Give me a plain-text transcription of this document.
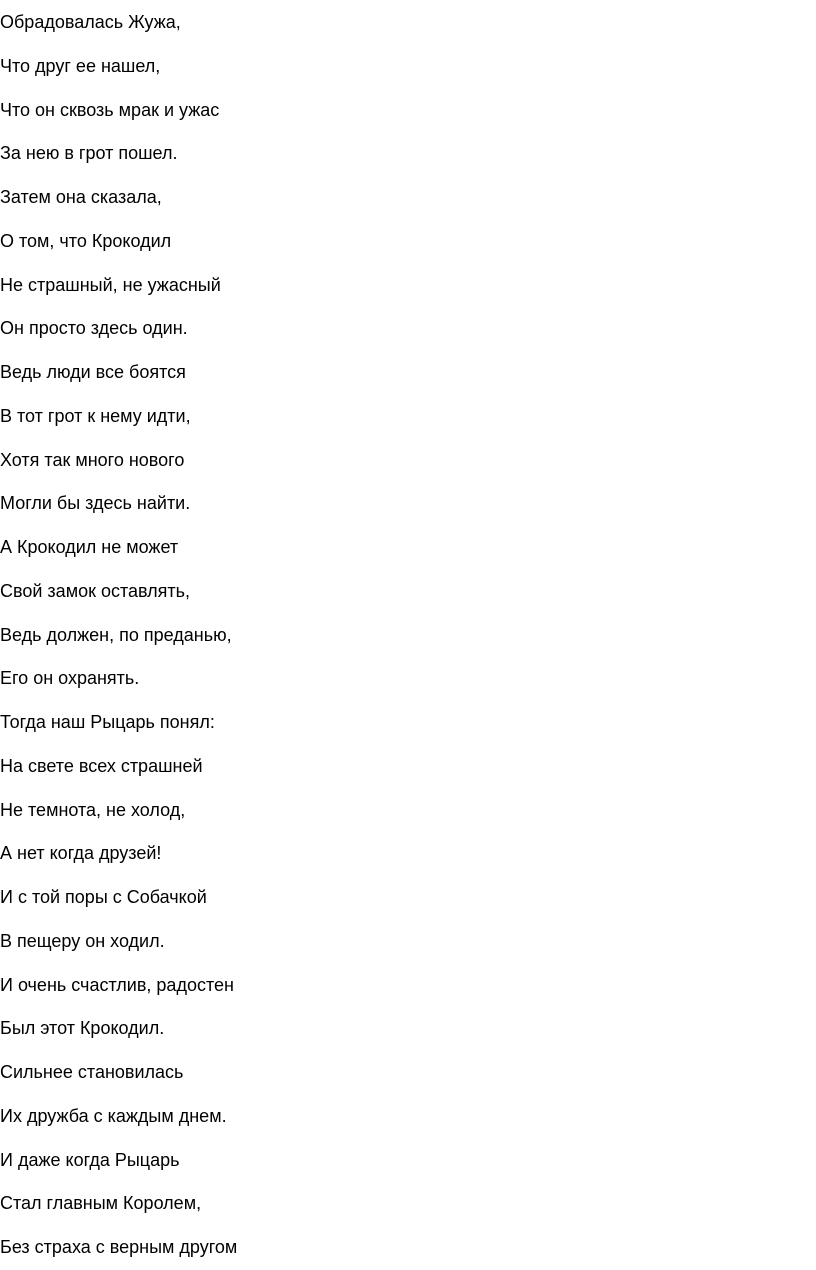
Обрадовалась Жужа,
Что друг ее нашел,
Что он сквозь мрак и ужас
За нею в грот пошел.
Затем она сказала,
О том, что Крокодил
Не страшный, не ужасный
Он просто здесь один.
Ведь люди все боятся
В тот грот к нему идти,
Хотя так много нового
Могли бы здесь найти.
А Крокодил не может
Свой замок оставлять,
Ведь должен, по преданью,
Его он охранять.
Тогда наш Рыцарь понял:
На свете всех страшней
Не темнота, не холод,
А нет когда друзей!
И с той поры с Собачкой
В пещеру он ходил.
И очень счастлив, радостен
Был этот Крокодил.
Сильнее становилась
Их дружба с каждым днем.
И даже когда Рыцарь
Стал главным Королем,
Без страха с верным другом
